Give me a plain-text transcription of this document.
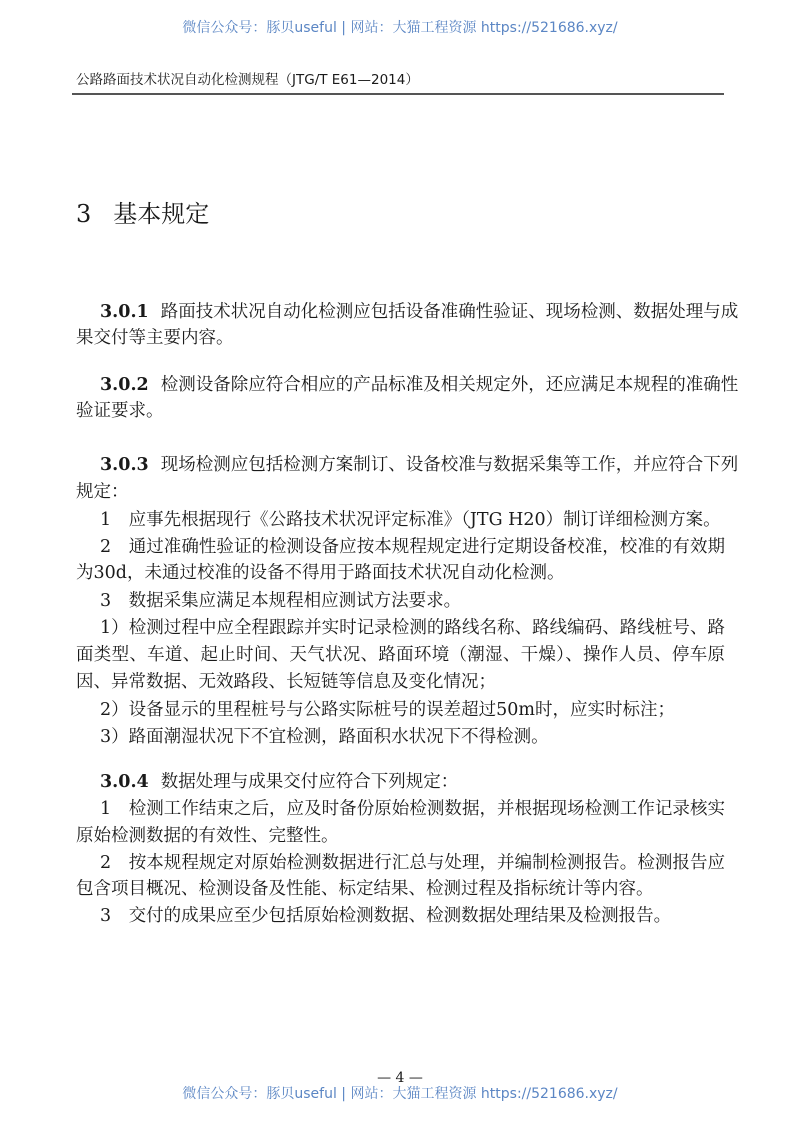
微信公众号：豚贝useful | 网站：大猫工程资源 https://521686.xyz/
公路路面技术状况自动化检测规程（JTG/T E61—2014）
3 基本规定
3.0.1 路面技术状况自动化检测应包括设备准确性验证、现场检测、数据处理与成
果交付等主要内容。
3.0.2 检测设备除应符合相应的产品标准及相关规定外，还应满足本规程的准确性
验证要求。
3.0.3 现场检测应包括检测方案制订、设备校准与数据采集等工作，并应符合下列
规定：
1　应事先根据现行《公路技术状况评定标准》（JTG H20）制订详细检测方案。
2　通过准确性验证的检测设备应按本规程规定进行定期设备校准，校准的有效期
为30d，未通过校准的设备不得用于路面技术状况自动化检测。
3　数据采集应满足本规程相应测试方法要求。
1）检测过程中应全程跟踪并实时记录检测的路线名称、路线编码、路线桩号、路
面类型、车道、起止时间、天气状况、路面环境（潮湿、干燥）、操作人员、停车原
因、异常数据、无效路段、长短链等信息及变化情况；
2）设备显示的里程桩号与公路实际桩号的误差超过50m时，应实时标注；
3）路面潮湿状况下不宜检测，路面积水状况下不得检测。
3.0.4 数据处理与成果交付应符合下列规定：
1　检测工作结束之后，应及时备份原始检测数据，并根据现场检测工作记录核实
原始检测数据的有效性、完整性。
2　按本规程规定对原始检测数据进行汇总与处理，并编制检测报告。检测报告应
包含项目概况、检测设备及性能、标定结果、检测过程及指标统计等内容。
3　交付的成果应至少包括原始检测数据、检测数据处理结果及检测报告。
— 4 —
微信公众号：豚贝useful | 网站：大猫工程资源 https://521686.xyz/
